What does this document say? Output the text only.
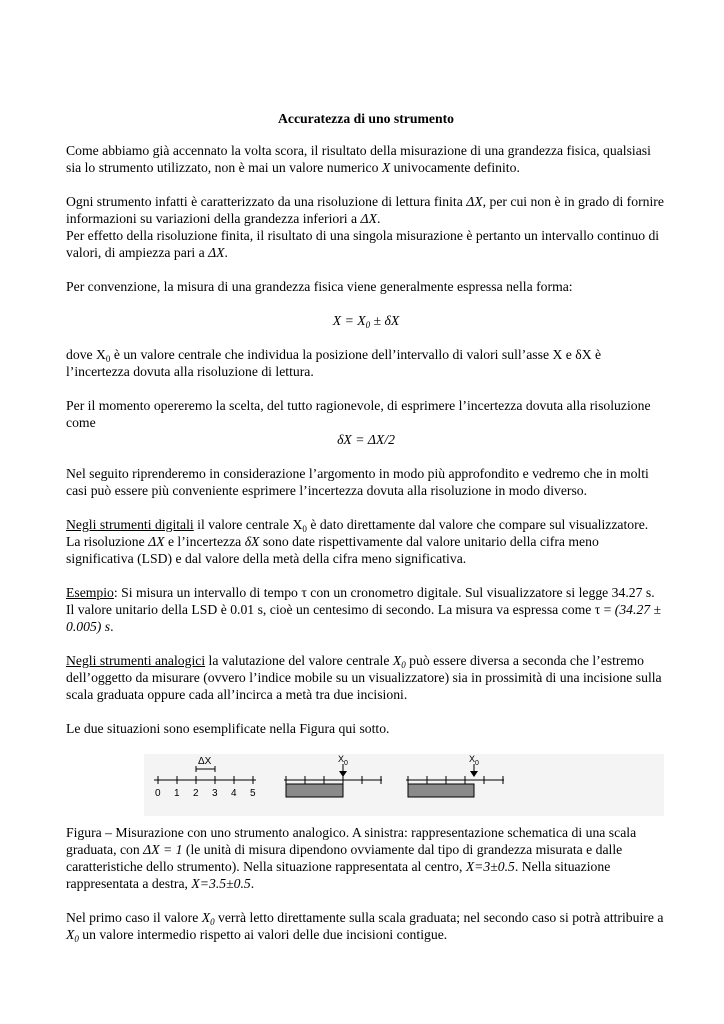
Accuratezza di uno strumento

Come abbiamo già accennato la volta scora, il risultato della misurazione di una grandezza fisica, qualsiasi sia lo strumento utilizzato, non è mai un valore numerico X univocamente definito.

Ogni strumento infatti è caratterizzato da una risoluzione di lettura finita ΔX, per cui non è in grado di fornire informazioni su variazioni della grandezza inferiori a ΔX.

Per effetto della risoluzione finita, il risultato di una singola misurazione è pertanto un intervallo continuo di valori, di ampiezza pari a ΔX.

Per convenzione, la misura di una grandezza fisica viene generalmente espressa nella forma:

$X = X_0 \pm \delta X$

dove $X_0$ è un valore centrale che individua la posizione dell’intervallo di valori sull’asse X e δX è l’incertezza dovuta alla risoluzione di lettura.

Per il momento opereremo la scelta, del tutto ragionevole, di esprimere l’incertezza dovuta alla risoluzione come

δX = ΔX/2

Nel seguito riprenderemo in considerazione l’argomento in modo più approfondito e vedremo che in molti casi può essere più conveniente esprimere l’incertezza dovuta alla risoluzione in modo diverso.

Negli strumenti digitali il valore centrale $X_0$ è dato direttamente dal valore che compare sul visualizzatore. La risoluzione ΔX e l’incertezza δX sono date rispettivamente dal valore unitario della cifra meno significativa (LSD) e dal valore della metà della cifra meno significativa.

Esempio: Si misura un intervallo di tempo τ con un cronometro digitale. Sul visualizzatore si legge 34.27 s. Il valore unitario della LSD è 0.01 s, cioè un centesimo di secondo. La misura va espressa come τ = (34.27 ± 0.005) s.

Negli strumenti analogici la valutazione del valore centrale $X_0$ può essere diversa a seconda che l’estremo dell’oggetto da misurare (ovvero l’indice mobile su un visualizzatore) sia in prossimità di una incisione sulla scala graduata oppure cada all’incirca a metà tra due incisioni.

Le due situazioni sono esemplificate nella Figura qui sotto.

ΔX
0 1 2 3 4 5
$X_0$	$X_0$

Figura – Misurazione con uno strumento analogico. A sinistra: rappresentazione schematica di una scala graduata, con ΔX = 1 (le unità di misura dipendono ovviamente dal tipo di grandezza misurata e dalle caratteristiche dello strumento). Nella situazione rappresentata al centro, X=3±0.5. Nella situazione rappresentata a destra, X=3.5±0.5.

Nel primo caso il valore $X_0$ verrà letto direttamente sulla scala graduata; nel secondo caso si potrà attribuire a $X_0$ un valore intermedio rispetto ai valori delle due incisioni contigue.
